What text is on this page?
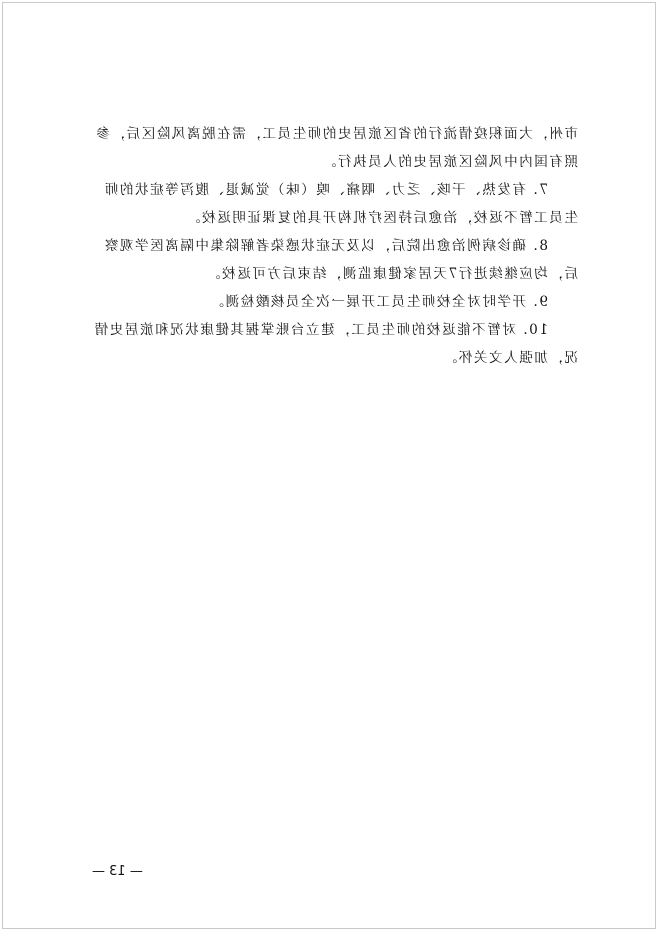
市州，大面积疫情流行的省区旅居史的师生员工，需在脱离风险区后，参
照有国内中风险区旅居史的人员执行。
7. 有发热、干咳、乏力、咽痛、嗅（味）觉减退、腹泻等症状的师
生员工暂不返校，治愈后持医疗机构开具的复课证明返校。
8. 确诊病例治愈出院后，以及无症状感染者解除集中隔离医学观察
后，均应继续进行7天居家健康监测，结束后方可返校。
9. 开学时对全校师生员工开展一次全员核酸检测。
10. 对暂不能返校的师生员工，建立台账掌握其健康状况和旅居史情
况，加强人文关怀。
— 13 —
